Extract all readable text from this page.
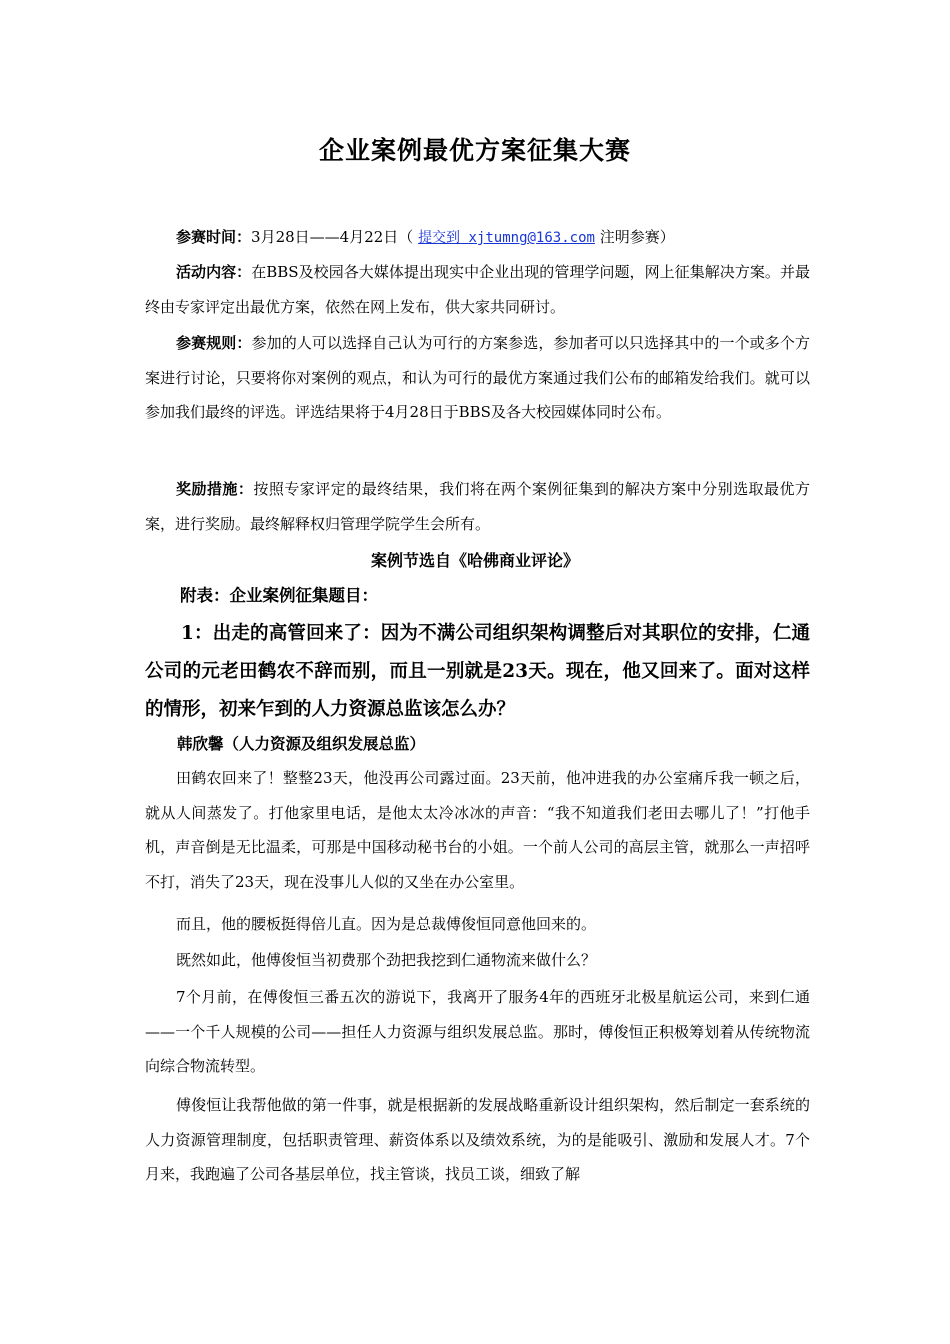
企业案例最优方案征集大赛
参赛时间：3月28日——4月22日（ 提交到 xjtumng@163.com 注明参赛）
活动内容：在BBS及校园各大媒体提出现实中企业出现的管理学问题，网上征集解决方案。并最终由专家评定出最优方案，依然在网上发布，供大家共同研讨。
参赛规则：参加的人可以选择自己认为可行的方案参选，参加者可以只选择其中的一个或多个方案进行讨论，只要将你对案例的观点，和认为可行的最优方案通过我们公布的邮箱发给我们。就可以参加我们最终的评选。评选结果将于4月28日于BBS及各大校园媒体同时公布。
奖励措施：按照专家评定的最终结果，我们将在两个案例征集到的解决方案中分别选取最优方案，进行奖励。最终解释权归管理学院学生会所有。
案例节选自《哈佛商业评论》
附表：企业案例征集题目：
1：出走的高管回来了：因为不满公司组织架构调整后对其职位的安排，仁通公司的元老田鹤农不辞而别，而且一别就是23天。现在，他又回来了。面对这样的情形，初来乍到的人力资源总监该怎么办？
韩欣馨（人力资源及组织发展总监）
田鹤农回来了！整整23天，他没再公司露过面。23天前，他冲进我的办公室痛斥我一顿之后，就从人间蒸发了。打他家里电话，是他太太冷冰冰的声音：“我不知道我们老田去哪儿了！”打他手机，声音倒是无比温柔，可那是中国移动秘书台的小姐。一个前人公司的高层主管，就那么一声招呼不打，消失了23天，现在没事儿人似的又坐在办公室里。
而且，他的腰板挺得倍儿直。因为是总裁傅俊恒同意他回来的。
既然如此，他傅俊恒当初费那个劲把我挖到仁通物流来做什么？
7个月前，在傅俊恒三番五次的游说下，我离开了服务4年的西班牙北极星航运公司，来到仁通——一个千人规模的公司——担任人力资源与组织发展总监。那时，傅俊恒正积极筹划着从传统物流向综合物流转型。
傅俊恒让我帮他做的第一件事，就是根据新的发展战略重新设计组织架构，然后制定一套系统的人力资源管理制度，包括职责管理、薪资体系以及绩效系统，为的是能吸引、激励和发展人才。7个月来，我跑遍了公司各基层单位，找主管谈，找员工谈，细致了解
